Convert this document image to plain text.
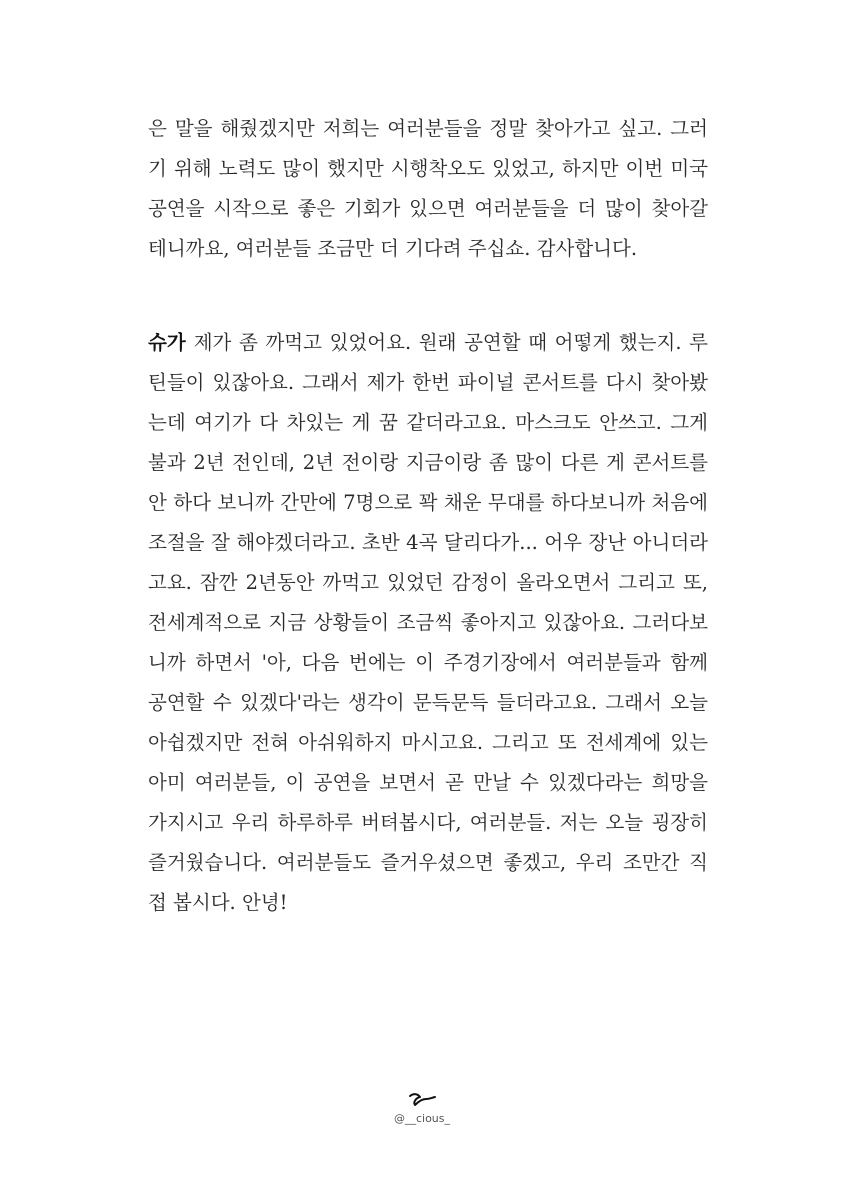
은 말을 해줬겠지만 저희는 여러분들을 정말 찾아가고 싶고. 그러
기 위해 노력도 많이 했지만 시행착오도 있었고, 하지만 이번 미국
공연을 시작으로 좋은 기회가 있으면 여러분들을 더 많이 찾아갈
테니까요, 여러분들 조금만 더 기다려 주십쇼. 감사합니다.
슈가 제가 좀 까먹고 있었어요. 원래 공연할 때 어떻게 했는지. 루
틴들이 있잖아요. 그래서 제가 한번 파이널 콘서트를 다시 찾아봤
는데 여기가 다 차있는 게 꿈 같더라고요. 마스크도 안쓰고. 그게
불과 2년 전인데, 2년 전이랑 지금이랑 좀 많이 다른 게 콘서트를
안 하다 보니까 간만에 7명으로 꽉 채운 무대를 하다보니까 처음에
조절을 잘 해야겠더라고. 초반 4곡 달리다가... 어우 장난 아니더라
고요. 잠깐 2년동안 까먹고 있었던 감정이 올라오면서 그리고 또,
전세계적으로 지금 상황들이 조금씩 좋아지고 있잖아요. 그러다보
니까 하면서 '아, 다음 번에는 이 주경기장에서 여러분들과 함께
공연할 수 있겠다'라는 생각이 문득문득 들더라고요. 그래서 오늘
아쉽겠지만 전혀 아쉬워하지 마시고요. 그리고 또 전세계에 있는
아미 여러분들, 이 공연을 보면서 곧 만날 수 있겠다라는 희망을
가지시고 우리 하루하루 버텨봅시다, 여러분들. 저는 오늘 굉장히
즐거웠습니다. 여러분들도 즐거우셨으면 좋겠고, 우리 조만간 직
접 봅시다. 안녕!
@__cious_
